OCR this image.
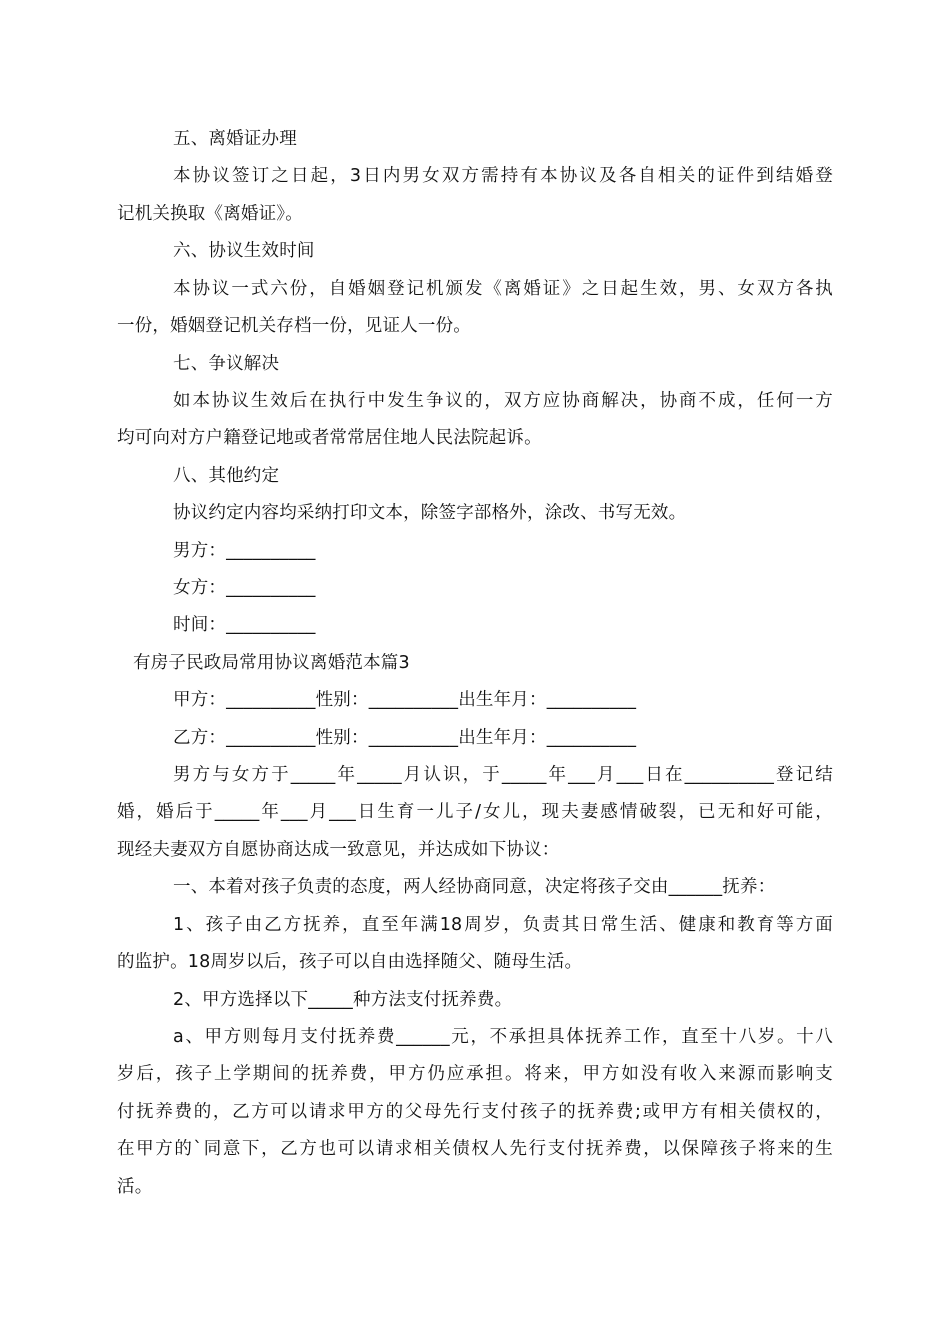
五、离婚证办理
本协议签订之日起，3日内男女双方需持有本协议及各自相关的证件到结婚登
记机关换取《离婚证》。
六、协议生效时间
本协议一式六份，自婚姻登记机颁发《离婚证》之日起生效，男、女双方各执
一份，婚姻登记机关存档一份，见证人一份。
七、争议解决
如本协议生效后在执行中发生争议的，双方应协商解决，协商不成，任何一方
均可向对方户籍登记地或者常常居住地人民法院起诉。
八、其他约定
协议约定内容均采纳打印文本，除签字部格外，涂改、书写无效。
男方：__________
女方：__________
时间：__________
有房子民政局常用协议离婚范本篇3
甲方：__________性别：__________出生年月：__________
乙方：__________性别：__________出生年月：__________
男方与女方于_____年_____月认识，于_____年___月___日在__________登记结
婚，婚后于_____年___月___日生育一儿子/女儿，现夫妻感情破裂，已无和好可能，
现经夫妻双方自愿协商达成一致意见，并达成如下协议：
一、本着对孩子负责的态度，两人经协商同意，决定将孩子交由______抚养：
1、孩子由乙方抚养，直至年满18周岁，负责其日常生活、健康和教育等方面
的监护。18周岁以后，孩子可以自由选择随父、随母生活。
2、甲方选择以下_____种方法支付抚养费。
a、甲方则每月支付抚养费______元，不承担具体抚养工作，直至十八岁。十八
岁后，孩子上学期间的抚养费，甲方仍应承担。将来，甲方如没有收入来源而影响支
付抚养费的，乙方可以请求甲方的父母先行支付孩子的抚养费;或甲方有相关债权的，
在甲方的`同意下，乙方也可以请求相关债权人先行支付抚养费，以保障孩子将来的生
活。
